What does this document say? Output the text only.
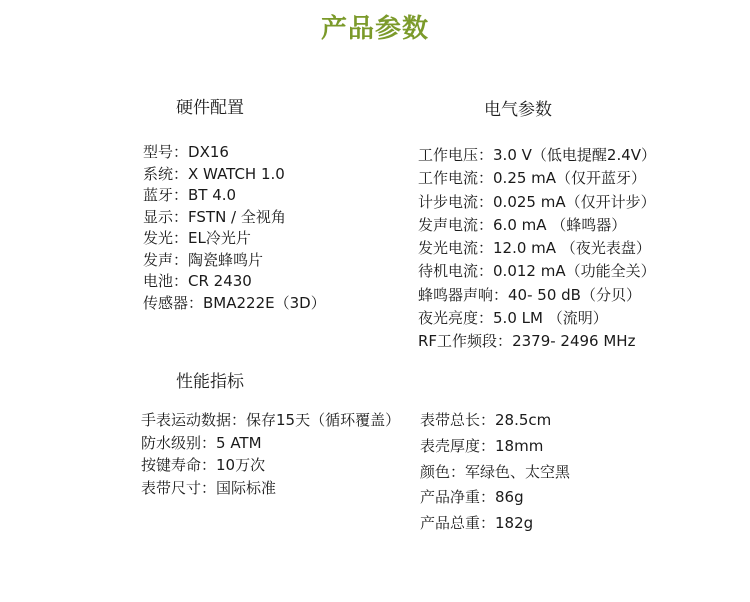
产品参数
硬件配置	电气参数
型号： DX16
系统： X WATCH 1.0
蓝牙： BT 4.0
显示： FSTN / 全视角
发光： EL冷光片
发声： 陶瓷蜂鸣片
电池： CR 2430
传感器： BMA222E（3D）
工作电压： 3.0 V（低电提醒2.4V）
工作电流： 0.25 mA（仅开蓝牙）
计步电流： 0.025 mA（仅开计步）
发声电流： 6.0 mA （蜂鸣器）
发光电流： 12.0 mA （夜光表盘）
待机电流： 0.012 mA（功能全关）
蜂鸣器声响： 40- 50 dB（分贝）
夜光亮度： 5.0 LM （流明）
RF工作频段： 2379- 2496 MHz
性能指标
手表运动数据： 保存15天（循环覆盖）
防水级别： 5 ATM
按键寿命： 10万次
表带尺寸： 国际标准
表带总长： 28.5cm
表壳厚度： 18mm
颜色： 军绿色、太空黑
产品净重： 86g
产品总重： 182g
